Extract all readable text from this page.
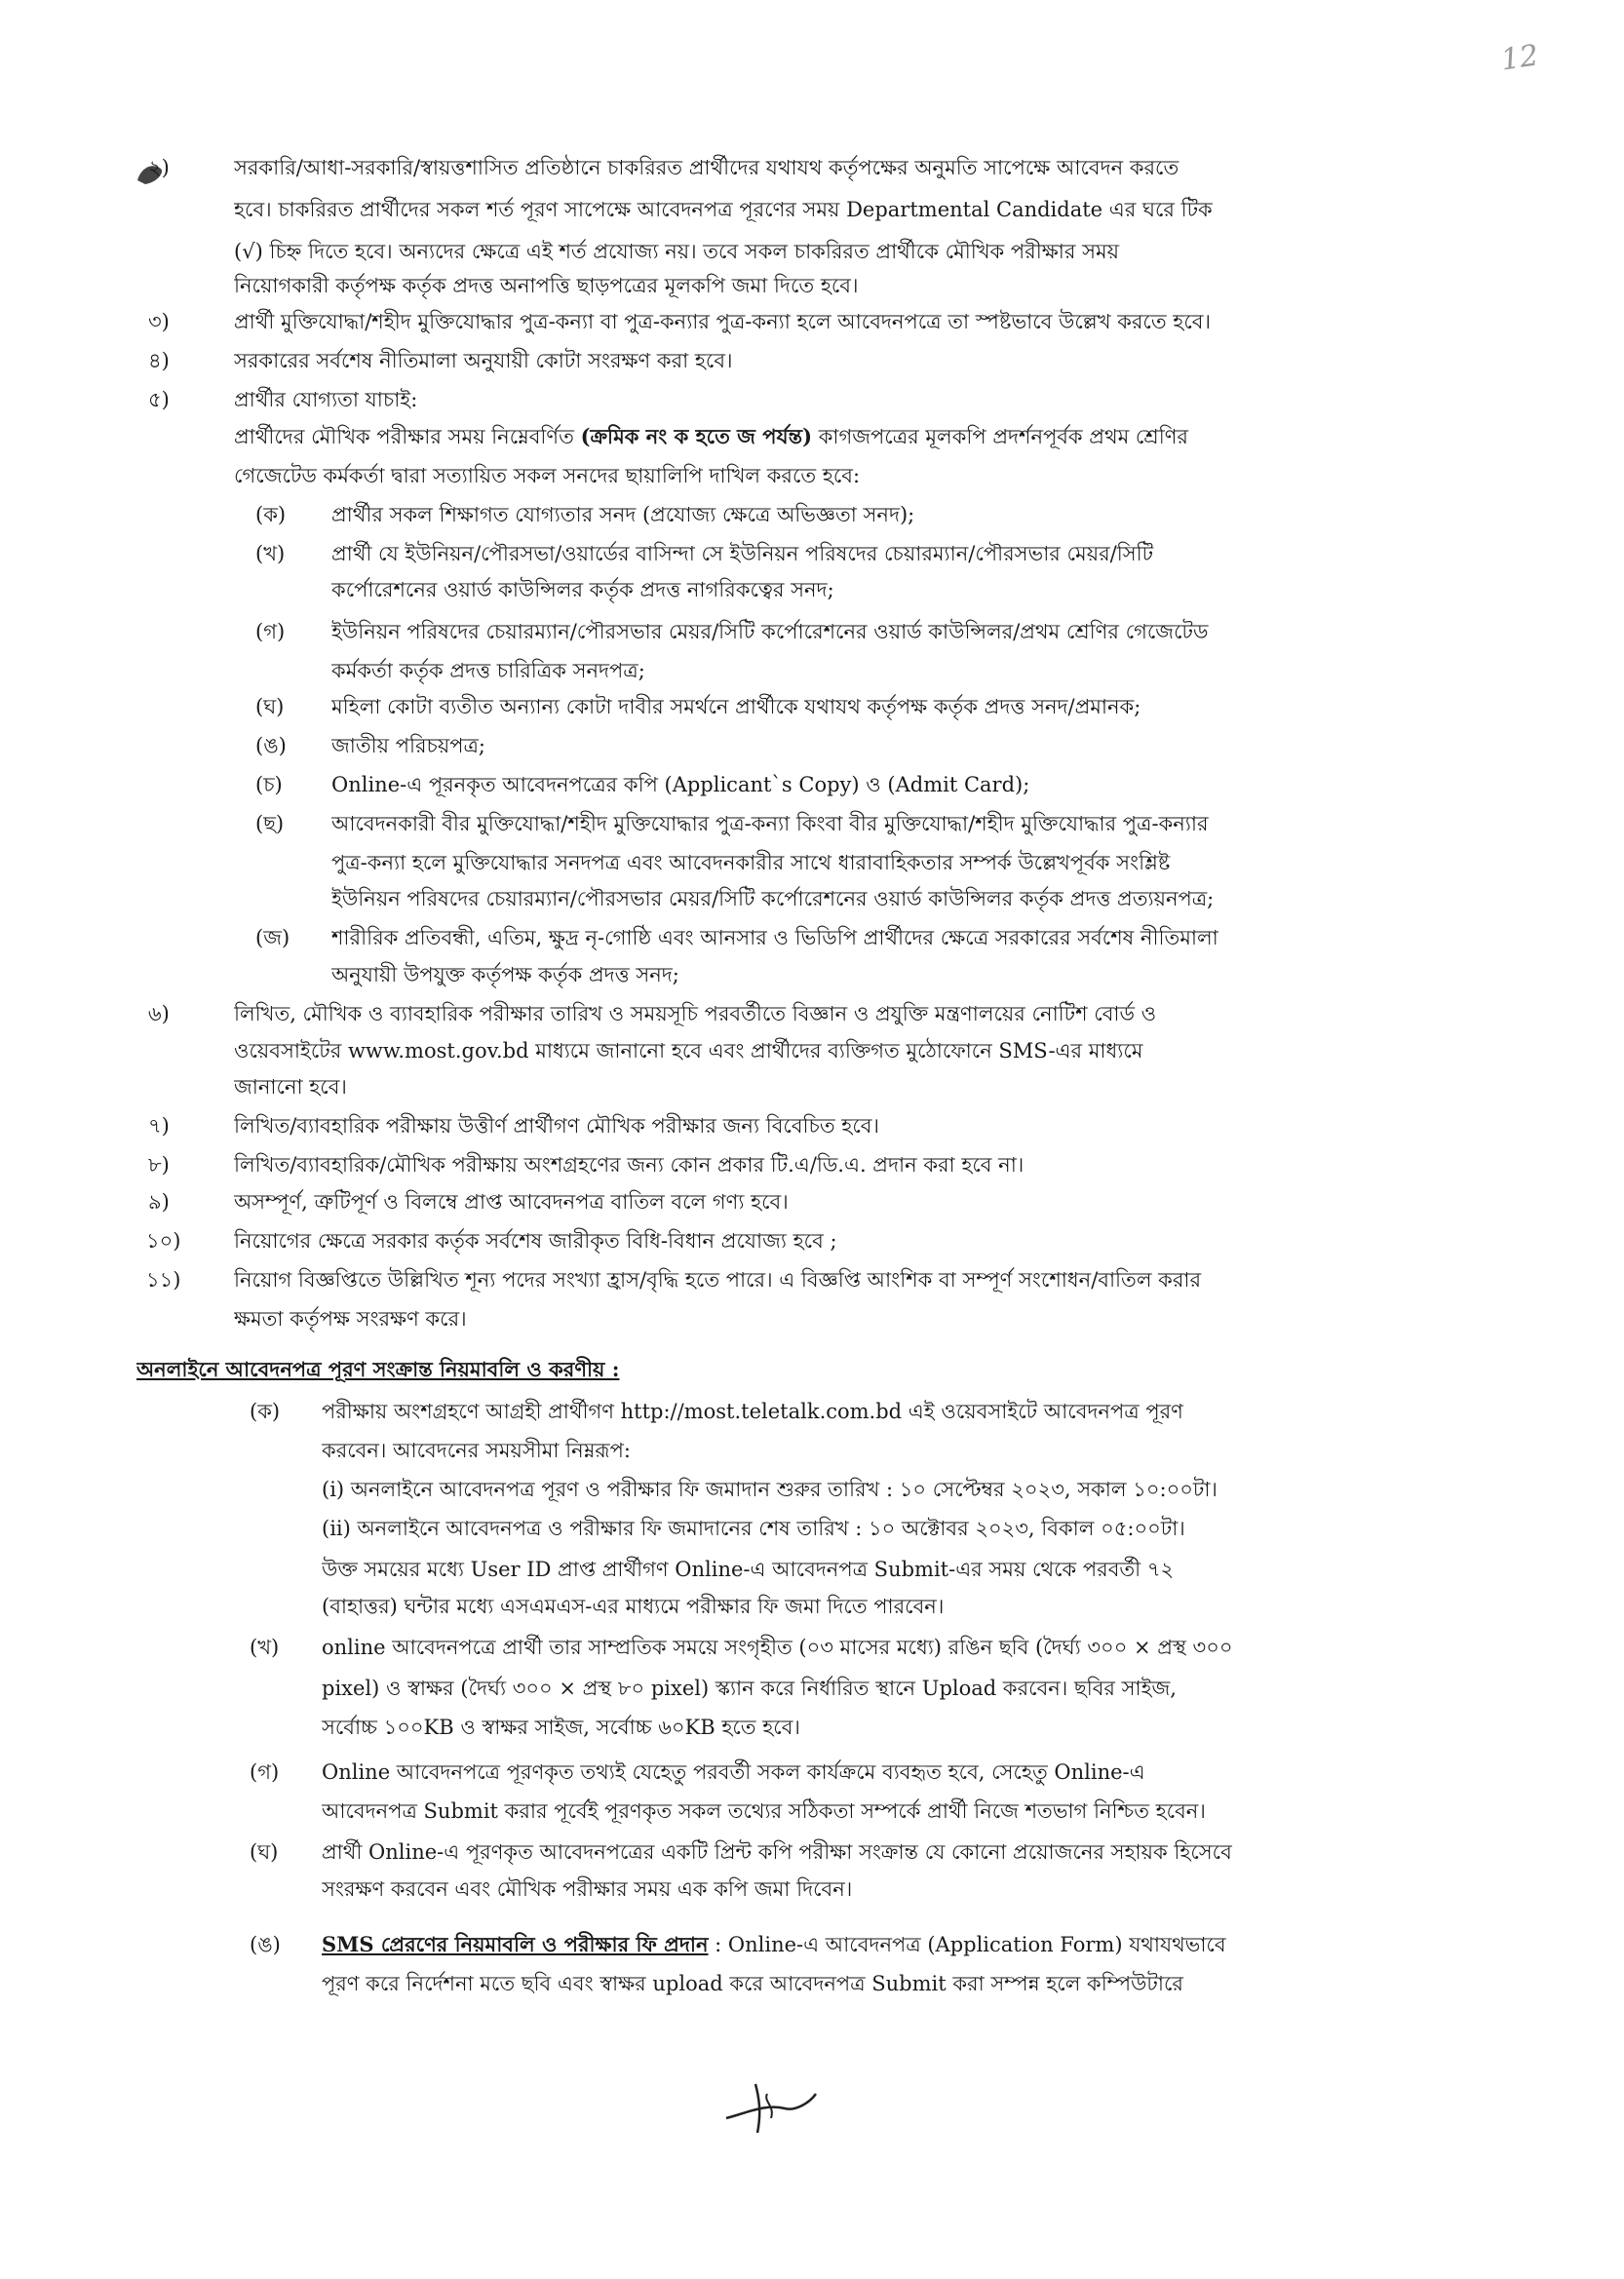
12
২)	সরকারি/আধা-সরকারি/স্বায়ত্তশাসিত প্রতিষ্ঠানে চাকরিরত প্রার্থীদের যথাযথ কর্তৃপক্ষের অনুমতি সাপেক্ষে আবেদন করতে
হবে। চাকরিরত প্রার্থীদের সকল শর্ত পূরণ সাপেক্ষে আবেদনপত্র পূরণের সময় Departmental Candidate এর ঘরে টিক
(√) চিহ্ন দিতে হবে। অন্যদের ক্ষেত্রে এই শর্ত প্রযোজ্য নয়। তবে সকল চাকরিরত প্রার্থীকে মৌখিক পরীক্ষার সময়
নিয়োগকারী কর্তৃপক্ষ কর্তৃক প্রদত্ত অনাপত্তি ছাড়পত্রের মূলকপি জমা দিতে হবে।
৩)	প্রার্থী মুক্তিযোদ্ধা/শহীদ মুক্তিযোদ্ধার পুত্র-কন্যা বা পুত্র-কন্যার পুত্র-কন্যা হলে আবেদনপত্রে তা স্পষ্টভাবে উল্লেখ করতে হবে।
৪)	সরকারের সর্বশেষ নীতিমালা অনুযায়ী কোটা সংরক্ষণ করা হবে।
৫)	প্রার্থীর যোগ্যতা যাচাই:
প্রার্থীদের মৌখিক পরীক্ষার সময় নিম্নেবর্ণিত (ক্রমিক নং ক হতে জ পর্যন্ত) কাগজপত্রের মূলকপি প্রদর্শনপূর্বক প্রথম শ্রেণির
গেজেটেড কর্মকর্তা দ্বারা সত্যায়িত সকল সনদের ছায়ালিপি দাখিল করতে হবে:
(ক) প্রার্থীর সকল শিক্ষাগত যোগ্যতার সনদ (প্রযোজ্য ক্ষেত্রে অভিজ্ঞতা সনদ);
(খ) প্রার্থী যে ইউনিয়ন/পৌরসভা/ওয়ার্ডের বাসিন্দা সে ইউনিয়ন পরিষদের চেয়ারম্যান/পৌরসভার মেয়র/সিটি
কর্পোরেশনের ওয়ার্ড কাউন্সিলর কর্তৃক প্রদত্ত নাগরিকত্বের সনদ;
(গ) ইউনিয়ন পরিষদের চেয়ারম্যান/পৌরসভার মেয়র/সিটি কর্পোরেশনের ওয়ার্ড কাউন্সিলর/প্রথম শ্রেণির গেজেটেড
কর্মকর্তা কর্তৃক প্রদত্ত চারিত্রিক সনদপত্র;
(ঘ) মহিলা কোটা ব্যতীত অন্যান্য কোটা দাবীর সমর্থনে প্রার্থীকে যথাযথ কর্তৃপক্ষ কর্তৃক প্রদত্ত সনদ/প্রমানক;
(ঙ) জাতীয় পরিচয়পত্র;
(চ) Online-এ পূরনকৃত আবেদনপত্রের কপি (Applicant`s Copy) ও (Admit Card);
(ছ) আবেদনকারী বীর মুক্তিযোদ্ধা/শহীদ মুক্তিযোদ্ধার পুত্র-কন্যা কিংবা বীর মুক্তিযোদ্ধা/শহীদ মুক্তিযোদ্ধার পুত্র-কন্যার
পুত্র-কন্যা হলে মুক্তিযোদ্ধার সনদপত্র এবং আবেদনকারীর সাথে ধারাবাহিকতার সম্পর্ক উল্লেখপূর্বক সংশ্লিষ্ট
ইউনিয়ন পরিষদের চেয়ারম্যান/পৌরসভার মেয়র/সিটি কর্পোরেশনের ওয়ার্ড কাউন্সিলর কর্তৃক প্রদত্ত প্রত্যয়নপত্র;
(জ) শারীরিক প্রতিবন্ধী, এতিম, ক্ষুদ্র নৃ-গোষ্ঠি এবং আনসার ও ভিডিপি প্রার্থীদের ক্ষেত্রে সরকারের সর্বশেষ নীতিমালা
অনুযায়ী উপযুক্ত কর্তৃপক্ষ কর্তৃক প্রদত্ত সনদ;
৬)	লিখিত, মৌখিক ও ব্যাবহারিক পরীক্ষার তারিখ ও সময়সূচি পরবর্তীতে বিজ্ঞান ও প্রযুক্তি মন্ত্রণালয়ের নোটিশ বোর্ড ও
ওয়েবসাইটের www.most.gov.bd মাধ্যমে জানানো হবে এবং প্রার্থীদের ব্যক্তিগত মুঠোফোনে SMS-এর মাধ্যমে
জানানো হবে।
৭)	লিখিত/ব্যাবহারিক পরীক্ষায় উত্তীর্ণ প্রার্থীগণ মৌখিক পরীক্ষার জন্য বিবেচিত হবে।
৮)	লিখিত/ব্যাবহারিক/মৌখিক পরীক্ষায় অংশগ্রহণের জন্য কোন প্রকার টি.এ/ডি.এ. প্রদান করা হবে না।
৯)	অসম্পূর্ণ, ত্রুটিপূর্ণ ও বিলম্বে প্রাপ্ত আবেদনপত্র বাতিল বলে গণ্য হবে।
১০)	নিয়োগের ক্ষেত্রে সরকার কর্তৃক সর্বশেষ জারীকৃত বিধি-বিধান প্রযোজ্য হবে ;
১১)	নিয়োগ বিজ্ঞপ্তিতে উল্লিখিত শূন্য পদের সংখ্যা হ্রাস/বৃদ্ধি হতে পারে। এ বিজ্ঞপ্তি আংশিক বা সম্পূর্ণ সংশোধন/বাতিল করার
ক্ষমতা কর্তৃপক্ষ সংরক্ষণ করে।
অনলাইনে আবেদনপত্র পূরণ সংক্রান্ত নিয়মাবলি ও করণীয় :
(ক) পরীক্ষায় অংশগ্রহণে আগ্রহী প্রার্থীগণ http://most.teletalk.com.bd এই ওয়েবসাইটে আবেদনপত্র পূরণ
করবেন। আবেদনের সময়সীমা নিম্নরূপ:
(i) অনলাইনে আবেদনপত্র পূরণ ও পরীক্ষার ফি জমাদান শুরুর তারিখ : ১০ সেপ্টেম্বর ২০২৩, সকাল ১০:০০টা।
(ii) অনলাইনে আবেদনপত্র ও পরীক্ষার ফি জমাদানের শেষ তারিখ : ১০ অক্টোবর ২০২৩, বিকাল ০৫:০০টা।
উক্ত সময়ের মধ্যে User ID প্রাপ্ত প্রার্থীগণ Online-এ আবেদনপত্র Submit-এর সময় থেকে পরবর্তী ৭২
(বাহাত্তর) ঘন্টার মধ্যে এসএমএস-এর মাধ্যমে পরীক্ষার ফি জমা দিতে পারবেন।
(খ) online আবেদনপত্রে প্রার্থী তার সাম্প্রতিক সময়ে সংগৃহীত (০৩ মাসের মধ্যে) রঙিন ছবি (দৈর্ঘ্য ৩০০ × প্রস্থ ৩০০
pixel) ও স্বাক্ষর (দৈর্ঘ্য ৩০০ × প্রস্থ ৮০ pixel) স্ক্যান করে নির্ধারিত স্থানে Upload করবেন। ছবির সাইজ,
সর্বোচ্চ ১০০KB ও স্বাক্ষর সাইজ, সর্বোচ্চ ৬০KB হতে হবে।
(গ) Online আবেদনপত্রে পূরণকৃত তথ্যই যেহেতু পরবর্তী সকল কার্যক্রমে ব্যবহৃত হবে, সেহেতু Online-এ
আবেদনপত্র Submit করার পূর্বেই পূরণকৃত সকল তথ্যের সঠিকতা সম্পর্কে প্রার্থী নিজে শতভাগ নিশ্চিত হবেন।
(ঘ) প্রার্থী Online-এ পূরণকৃত আবেদনপত্রের একটি প্রিন্ট কপি পরীক্ষা সংক্রান্ত যে কোনো প্রয়োজনের সহায়ক হিসেবে
সংরক্ষণ করবেন এবং মৌখিক পরীক্ষার সময় এক কপি জমা দিবেন।
(ঙ) SMS প্রেরণের নিয়মাবলি ও পরীক্ষার ফি প্রদান : Online-এ আবেদনপত্র (Application Form) যথাযথভাবে
পূরণ করে নির্দেশনা মতে ছবি এবং স্বাক্ষর upload করে আবেদনপত্র Submit করা সম্পন্ন হলে কম্পিউটারে
